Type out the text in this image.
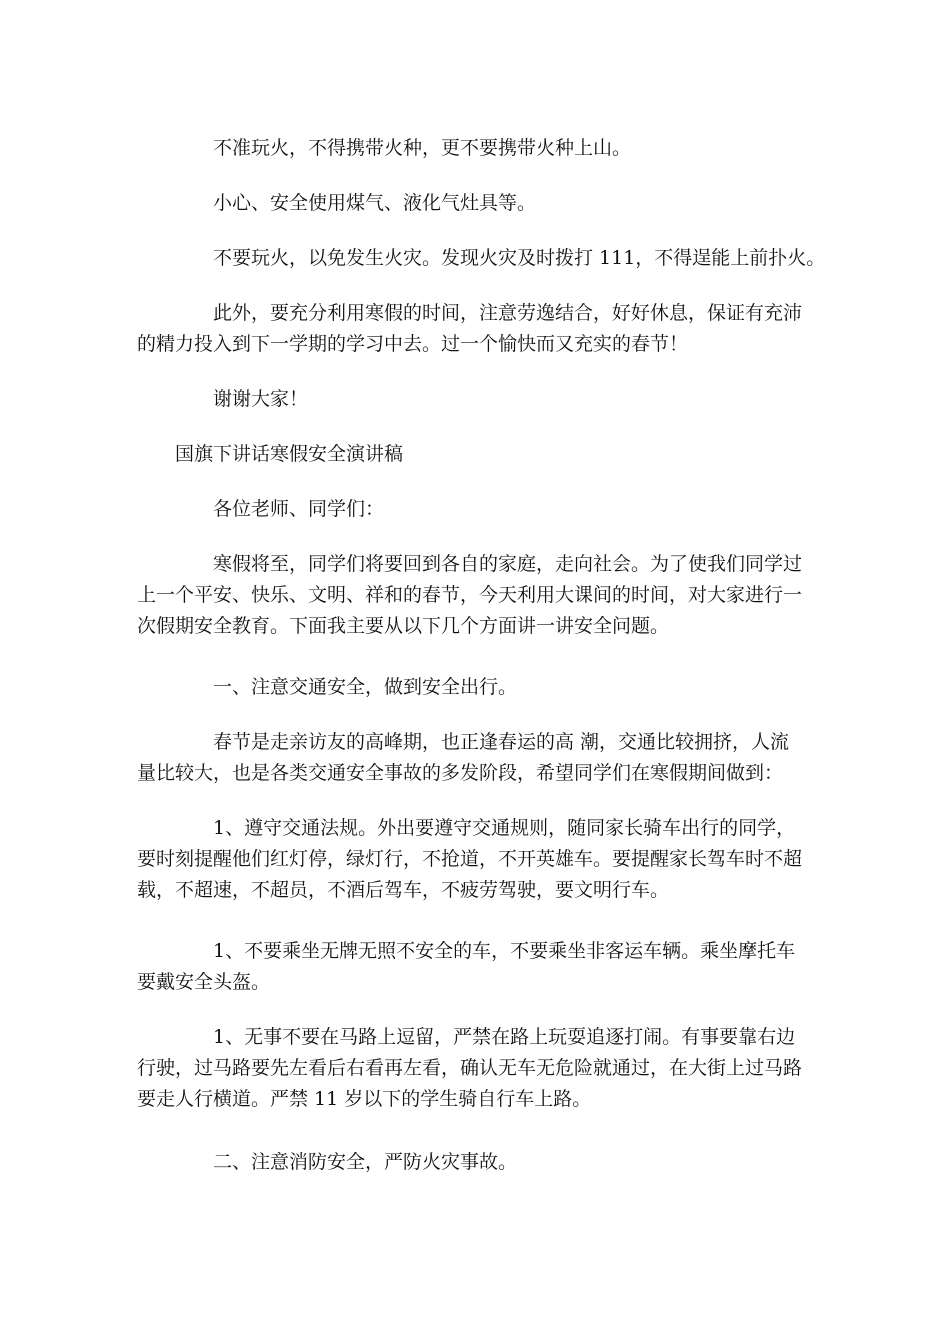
不准玩火，不得携带火种，更不要携带火种上山。

小心、安全使用煤气、液化气灶具等。

不要玩火，以免发生火灾。发现火灾及时拨打 111，不得逞能上前扑火。

此外，要充分利用寒假的时间，注意劳逸结合，好好休息，保证有充沛
的精力投入到下一学期的学习中去。过一个愉快而又充实的春节！

谢谢大家！

国旗下讲话寒假安全演讲稿

各位老师、同学们：

寒假将至，同学们将要回到各自的家庭，走向社会。为了使我们同学过
上一个平安、快乐、文明、祥和的春节，今天利用大课间的时间，对大家进行一
次假期安全教育。下面我主要从以下几个方面讲一讲安全问题。

一、注意交通安全，做到安全出行。

春节是走亲访友的高峰期，也正逢春运的高 潮，交通比较拥挤，人流
量比较大，也是各类交通安全事故的多发阶段，希望同学们在寒假期间做到：

1、遵守交通法规。外出要遵守交通规则，随同家长骑车出行的同学，
要时刻提醒他们红灯停，绿灯行，不抢道，不开英雄车。要提醒家长驾车时不超
载，不超速，不超员，不酒后驾车，不疲劳驾驶，要文明行车。

1、不要乘坐无牌无照不安全的车，不要乘坐非客运车辆。乘坐摩托车
要戴安全头盔。

1、无事不要在马路上逗留，严禁在路上玩耍追逐打闹。有事要靠右边
行驶，过马路要先左看后右看再左看，确认无车无危险就通过，在大街上过马路
要走人行横道。严禁 11 岁以下的学生骑自行车上路。

二、注意消防安全，严防火灾事故。
